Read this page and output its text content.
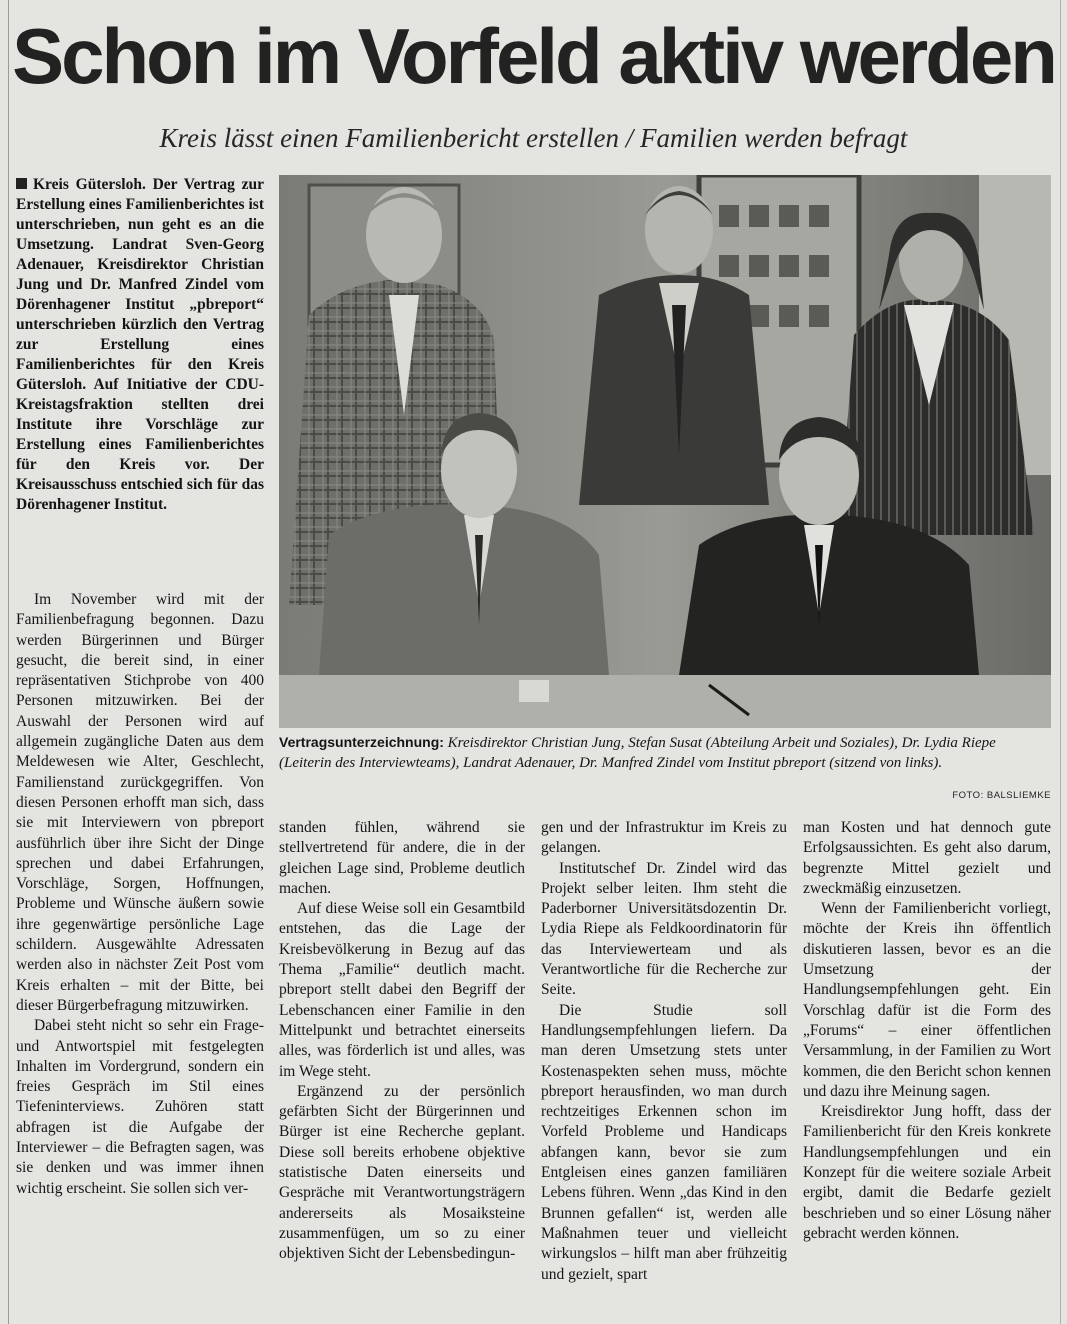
Schon im Vorfeld aktiv werden
Kreis lässt einen Familienbericht erstellen / Familien werden befragt
Kreis Gütersloh. Der Vertrag zur Erstellung eines Familienberichtes ist unterschrieben, nun geht es an die Umsetzung. Landrat Sven-Georg Adenauer, Kreisdirektor Christian Jung und Dr. Manfred Zindel vom Dörenhagener Institut „pbreport“ unterschrieben kürzlich den Vertrag zur Erstellung eines Familienberichtes für den Kreis Gütersloh. Auf Initiative der CDU-Kreistagsfraktion stellten drei Institute ihre Vorschläge zur Erstellung eines Familienberichtes für den Kreis vor. Der Kreisausschuss entschied sich für das Dörenhagener Institut.

Im November wird mit der Familienbefragung begonnen. Dazu werden Bürgerinnen und Bürger gesucht, die bereit sind, in einer repräsentativen Stichprobe von 400 Personen mitzuwirken. Bei der Auswahl der Personen wird auf allgemein zugängliche Daten aus dem Meldewesen wie Alter, Geschlecht, Familienstand zurückgegriffen. Von diesen Personen erhofft man sich, dass sie mit Interviewern von pbreport ausführlich über ihre Sicht der Dinge sprechen und dabei Erfahrungen, Vorschläge, Sorgen, Hoffnungen, Probleme und Wünsche äußern sowie ihre gegenwärtige persönliche Lage schildern. Ausgewählte Adressaten werden also in nächster Zeit Post vom Kreis erhalten – mit der Bitte, bei dieser Bürgerbefragung mitzuwirken.

Dabei steht nicht so sehr ein Frage- und Antwortspiel mit festgelegten Inhalten im Vordergrund, sondern ein freies Gespräch im Stil eines Tiefeninterviews. Zuhören statt abfragen ist die Aufgabe der Interviewer – die Befragten sagen, was sie denken und was immer ihnen wichtig erscheint. Sie sollen sich ver-

Vertragsunterzeichnung: Kreisdirektor Christian Jung, Stefan Susat (Abteilung Arbeit und Soziales), Dr. Lydia Riepe (Leiterin des Interviewteams), Landrat Adenauer, Dr. Manfred Zindel vom Institut pbreport (sitzend von links).
FOTO: BALSLIEMKE

standen fühlen, während sie stellvertretend für andere, die in der gleichen Lage sind, Probleme deutlich machen.

Auf diese Weise soll ein Gesamtbild entstehen, das die Lage der Kreisbevölkerung in Bezug auf das Thema „Familie“ deutlich macht. pbreport stellt dabei den Begriff der Lebenschancen einer Familie in den Mittelpunkt und betrachtet einerseits alles, was förderlich ist und alles, was im Wege steht.

Ergänzend zu der persönlich gefärbten Sicht der Bürgerinnen und Bürger ist eine Recherche geplant. Diese soll bereits erhobene objektive statistische Daten einerseits und Gespräche mit Verantwortungsträgern andererseits als Mosaiksteine zusammenfügen, um so zu einer objektiven Sicht der Lebensbedingun-

gen und der Infrastruktur im Kreis zu gelangen.

Institutschef Dr. Zindel wird das Projekt selber leiten. Ihm steht die Paderborner Universitätsdozentin Dr. Lydia Riepe als Feldkoordinatorin für das Interviewerteam und als Verantwortliche für die Recherche zur Seite.

Die Studie soll Handlungsempfehlungen liefern. Da man deren Umsetzung stets unter Kostenaspekten sehen muss, möchte pbreport herausfinden, wo man durch rechtzeitiges Erkennen schon im Vorfeld Probleme und Handicaps abfangen kann, bevor sie zum Entgleisen eines ganzen familiären Lebens führen. Wenn „das Kind in den Brunnen gefallen“ ist, werden alle Maßnahmen teuer und vielleicht wirkungslos – hilft man aber frühzeitig und gezielt, spart

man Kosten und hat dennoch gute Erfolgsaussichten. Es geht also darum, begrenzte Mittel gezielt und zweckmäßig einzusetzen.

Wenn der Familienbericht vorliegt, möchte der Kreis ihn öffentlich diskutieren lassen, bevor es an die Umsetzung der Handlungsempfehlungen geht. Ein Vorschlag dafür ist die Form des „Forums“ – einer öffentlichen Versammlung, in der Familien zu Wort kommen, die den Bericht schon kennen und dazu ihre Meinung sagen.

Kreisdirektor Jung hofft, dass der Familienbericht für den Kreis konkrete Handlungsempfehlungen und ein Konzept für die weitere soziale Arbeit ergibt, damit die Bedarfe gezielt beschrieben und so einer Lösung näher gebracht werden können.
